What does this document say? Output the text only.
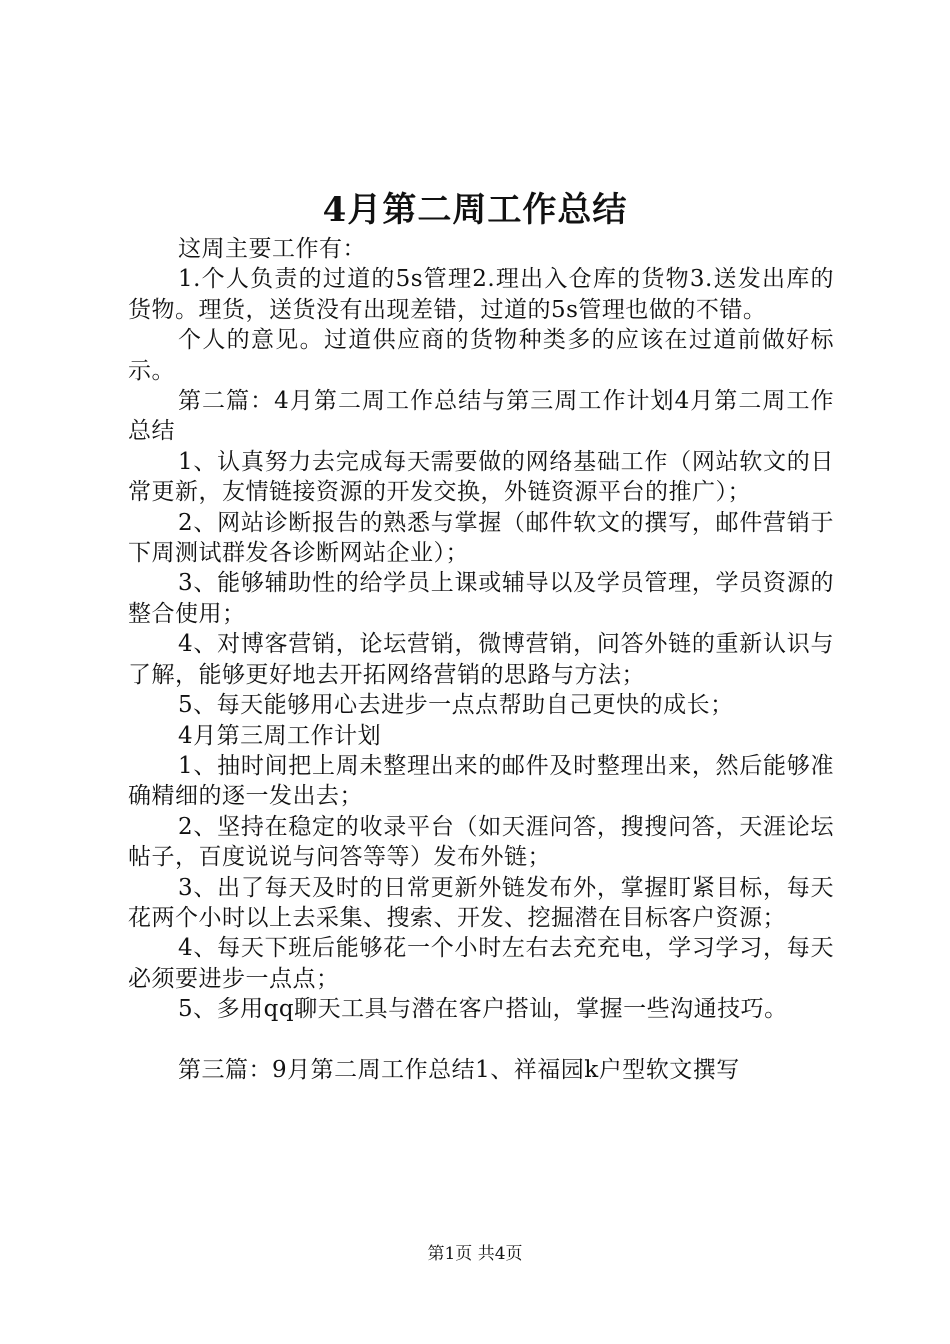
4月第二周工作总结

这周主要工作有：

1.个人负责的过道的5s管理2.理出入仓库的货物3.送发出库的货物。理货，送货没有出现差错，过道的5s管理也做的不错。

个人的意见。过道供应商的货物种类多的应该在过道前做好标示。

第二篇：4月第二周工作总结与第三周工作计划4月第二周工作总结

1、认真努力去完成每天需要做的网络基础工作（网站软文的日常更新，友情链接资源的开发交换，外链资源平台的推广）；

2、网站诊断报告的熟悉与掌握（邮件软文的撰写，邮件营销于下周测试群发各诊断网站企业）；

3、能够辅助性的给学员上课或辅导以及学员管理，学员资源的整合使用；

4、对博客营销，论坛营销，微博营销，问答外链的重新认识与了解，能够更好地去开拓网络营销的思路与方法；

5、每天能够用心去进步一点点帮助自己更快的成长；

4月第三周工作计划

1、抽时间把上周未整理出来的邮件及时整理出来，然后能够准确精细的逐一发出去；

2、坚持在稳定的收录平台（如天涯问答，搜搜问答，天涯论坛帖子，百度说说与问答等等）发布外链；

3、出了每天及时的日常更新外链发布外，掌握盯紧目标，每天花两个小时以上去采集、搜索、开发、挖掘潜在目标客户资源；

4、每天下班后能够花一个小时左右去充充电，学习学习，每天必须要进步一点点；

5、多用qq聊天工具与潜在客户搭讪，掌握一些沟通技巧。

第三篇：9月第二周工作总结1、祥福园k户型软文撰写

第1页 共4页
